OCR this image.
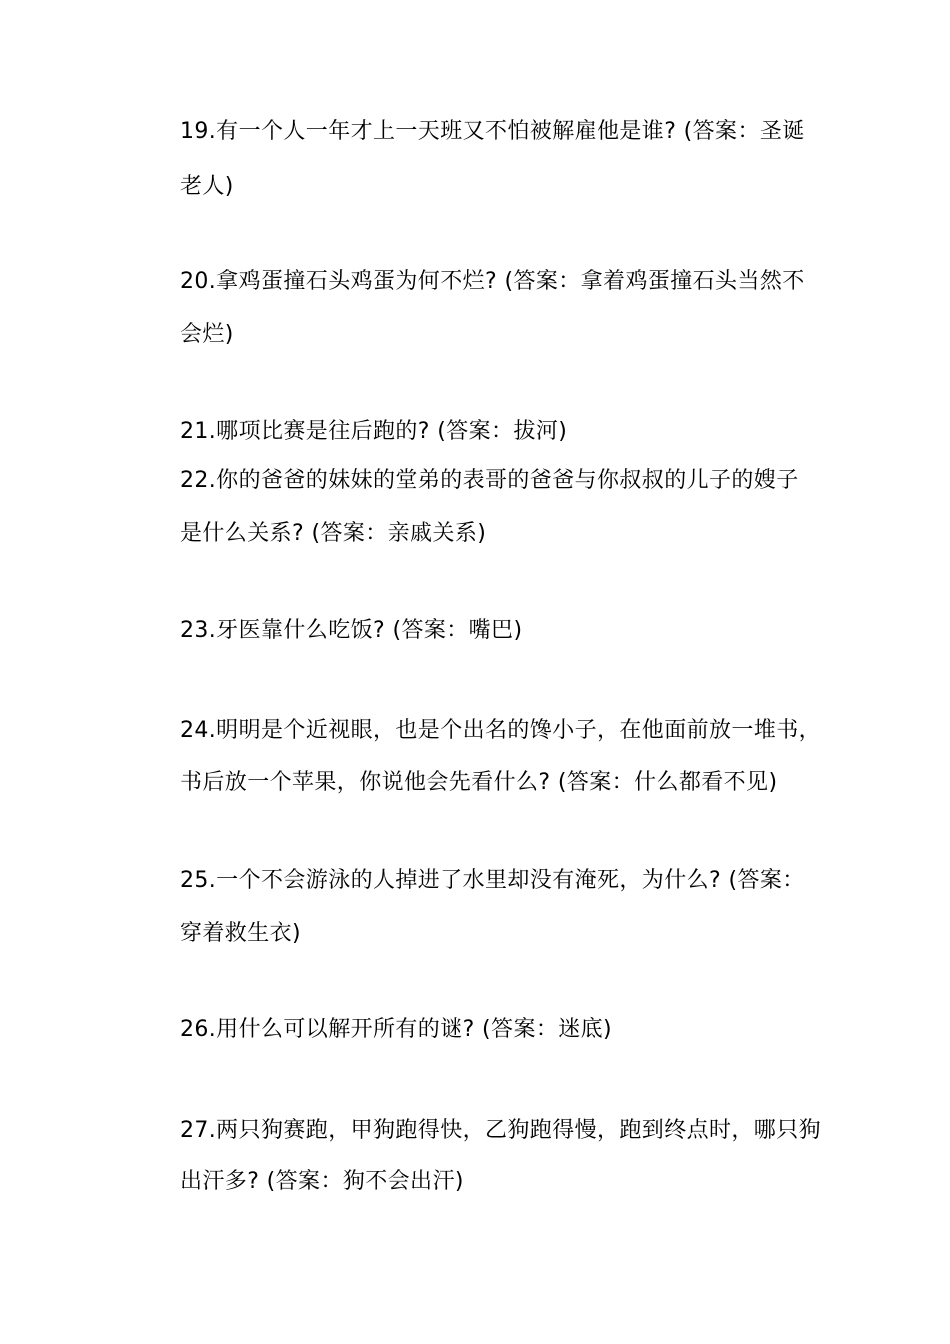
19.有一个人一年才上一天班又不怕被解雇他是谁? (答案：圣诞
老人)
20.拿鸡蛋撞石头鸡蛋为何不烂? (答案：拿着鸡蛋撞石头当然不
会烂)
21.哪项比赛是往后跑的? (答案：拔河)
22.你的爸爸的妹妹的堂弟的表哥的爸爸与你叔叔的儿子的嫂子
是什么关系? (答案：亲戚关系)
23.牙医靠什么吃饭? (答案：嘴巴)
24.明明是个近视眼，也是个出名的馋小子，在他面前放一堆书，
书后放一个苹果，你说他会先看什么? (答案：什么都看不见)
25.一个不会游泳的人掉进了水里却没有淹死，为什么? (答案：
穿着救生衣)
26.用什么可以解开所有的谜? (答案：迷底)
27.两只狗赛跑，甲狗跑得快，乙狗跑得慢，跑到终点时，哪只狗
出汗多? (答案：狗不会出汗)
